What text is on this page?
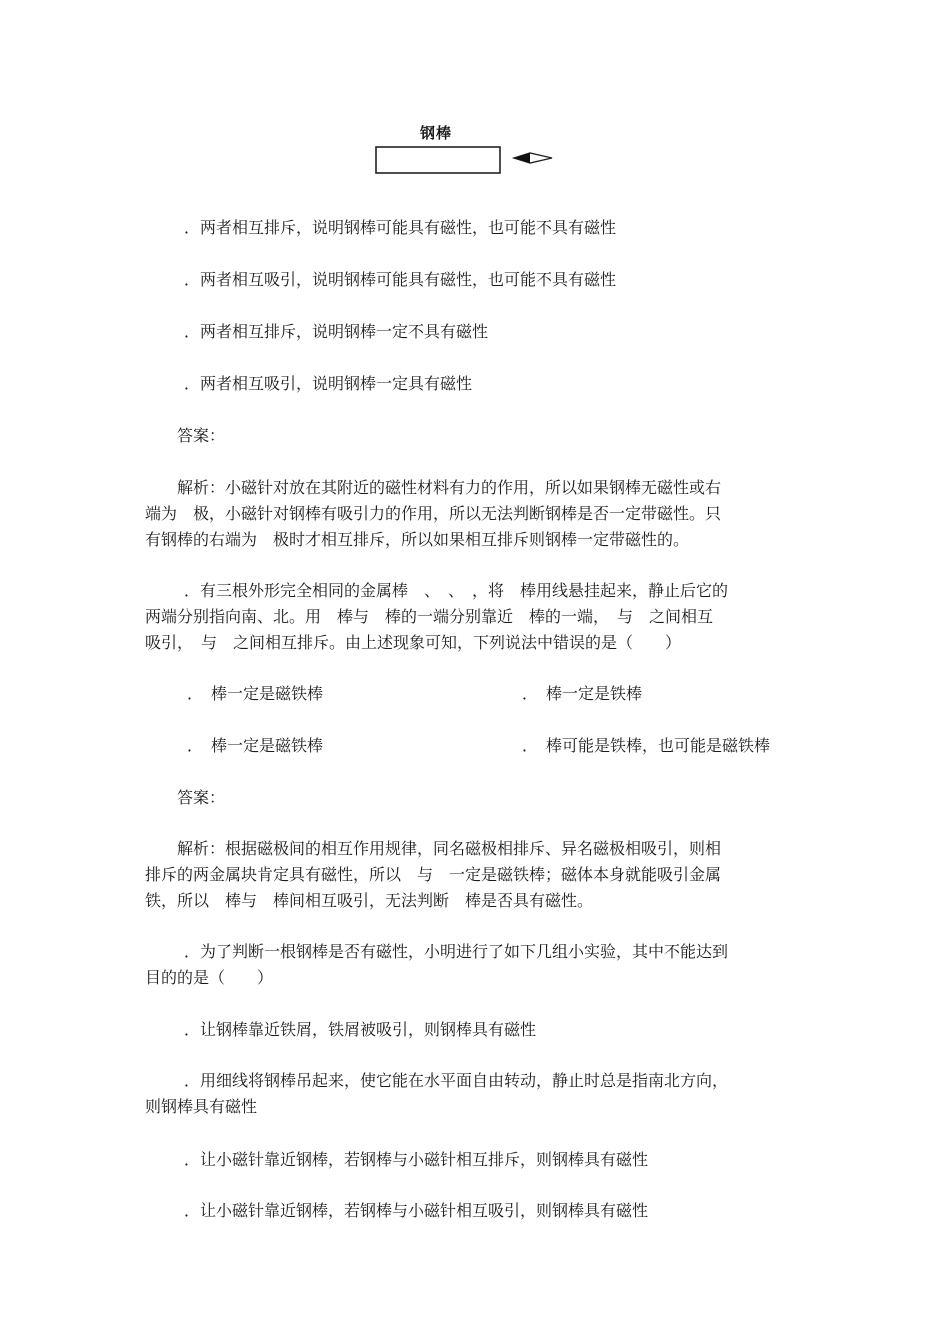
钢棒
．两者相互排斥，说明钢棒可能具有磁性，也可能不具有磁性
．两者相互吸引，说明钢棒可能具有磁性，也可能不具有磁性
．两者相互排斥，说明钢棒一定不具有磁性
．两者相互吸引，说明钢棒一定具有磁性
答案：
解析：小磁针对放在其附近的磁性材料有力的作用，所以如果钢棒无磁性或右
端为　极，小磁针对钢棒有吸引力的作用，所以无法判断钢棒是否一定带磁性。只
有钢棒的右端为　极时才相互排斥，所以如果相互排斥则钢棒一定带磁性的。
．有三根外形完全相同的金属棒　、　、　，将　棒用线悬挂起来，静止后它的
两端分别指向南、北。用　棒与　棒的一端分别靠近　棒的一端，　与　之间相互
吸引，　与　之间相互排斥。由上述现象可知，下列说法中错误的是（　　）
．　棒一定是磁铁棒	．　棒一定是铁棒
．　棒一定是磁铁棒	．　棒可能是铁棒，也可能是磁铁棒
答案：
解析：根据磁极间的相互作用规律，同名磁极相排斥、异名磁极相吸引，则相
排斥的两金属块肯定具有磁性，所以　与　一定是磁铁棒；磁体本身就能吸引金属
铁，所以　棒与　棒间相互吸引，无法判断　棒是否具有磁性。
．为了判断一根钢棒是否有磁性，小明进行了如下几组小实验，其中不能达到
目的的是（　　）
．让钢棒靠近铁屑，铁屑被吸引，则钢棒具有磁性
．用细线将钢棒吊起来，使它能在水平面自由转动，静止时总是指南北方向，
则钢棒具有磁性
．让小磁针靠近钢棒，若钢棒与小磁针相互排斥，则钢棒具有磁性
．让小磁针靠近钢棒，若钢棒与小磁针相互吸引，则钢棒具有磁性
